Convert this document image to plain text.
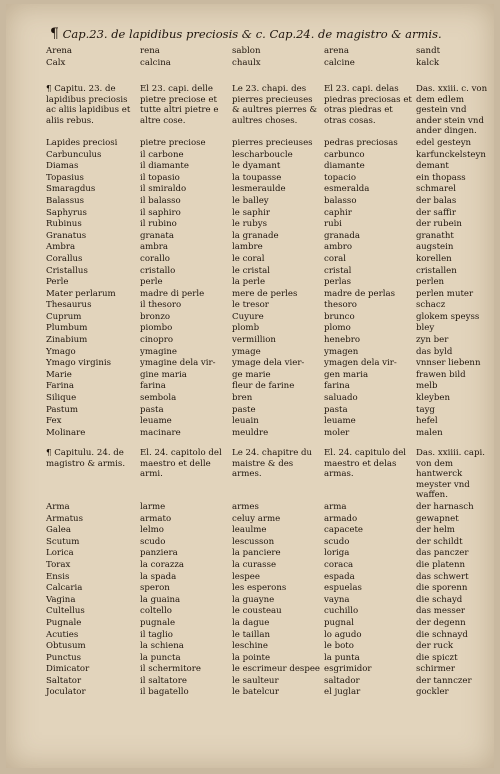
¶ Cap.23. de lapidibus preciosis & c. Cap.24. de magistro & armis.
Arena	rena	sablon	arena	sandt
Calx	calcina	chaulx	calcine	kalck
¶ Capitu. 23. de lapidibus preciosis ac aliis lapidibus et aliis rebus.	El 23. capi. delle pietre preciose et tutte altri pietre e altre cose.	Le 23. chapi. des pierres precieuses & aultres pierres & aultres choses.	El 23. capi. delas piedras preciosas et otras piedras et otras cosas.	Das. xxiii. c. von dem edlem gestein vnd ander stein vnd ander dingen.
Lapides preciosi	pietre preciose	pierres precieuses	pedras preciosas	edel gesteyn
Carbunculus	il carbone	lescharboucle	carbunco	karfunckelsteyn
Diamas	il diamante	le dyamant	diamante	demant
Topasius	il topasio	la toupasse	topacio	ein thopass
Smaragdus	il smiraldo	lesmeraulde	esmeralda	schmarel
Balassus	il balasso	le balley	balasso	der balas
Saphyrus	il saphiro	le saphir	caphir	der saffir
Rubinus	il rubino	le rubys	rubi	der rubein
Granatus	granata	la granade	granada	granatht
Ambra	ambra	lambre	ambro	augstein
Corallus	corallo	le coral	coral	korellen
Cristallus	cristallo	le cristal	cristal	cristallen
Perle	perle	la perle	perlas	perlen
Mater perlarum	madre di perle	mere de perles	madre de perlas	perlen muter
Thesaurus	il thesoro	le tresor	thesoro	schacz
Cuprum	bronzo	Cuyure	brunco	glokem speyss
Plumbum	piombo	plomb	plomo	bley
Zinabium	cinopro	vermillion	henebro	zyn ber
Ymago	ymagine	ymage	ymagen	das byld
Ymago virginis	ymagine dela vir-	ymage dela vier-	ymagen dela vir-	vnnser liebenn
Marie	gine maria	ge marie	gen maria	frawen bild
Farina	farina	fleur de farine	farina	melb
Silique	sembola	bren	saluado	kleyben
Pastum	pasta	paste	pasta	tayg
Fex	leuame	leuain	leuame	hefel
Molinare	macinare	meuldre	moler	malen
¶ Capitulu. 24. de magistro & armis.	El. 24. capitolo del maestro et delle armi.	Le 24. chapitre du maistre & des armes.	El. 24. capitulo del maestro et delas armas.	Das. xxiiii. capi. von dem hantwerck meyster vnd waffen.
Arma	larme	armes	arma	der harnasch
Armatus	armato	celuy arme	armado	gewapnet
Galea	lelmo	leaulme	capacete	der helm
Scutum	scudo	lescusson	scudo	der schildt
Lorica	panziera	la panciere	loriga	das panczer
Torax	la corazza	la curasse	coraca	die platenn
Ensis	la spada	lespee	espada	das schwert
Calcaria	speron	les esperons	espuelas	die sporenn
Vagina	la guaina	la guayne	vayna	die schayd
Cultellus	coltello	le cousteau	cuchillo	das messer
Pugnale	pugnale	la dague	pugnal	der degenn
Acuties	il taglio	le taillan	lo agudo	die schnayd
Obtusum	la schiena	leschine	le boto	der ruck
Punctus	la puncta	la pointe	la punta	die spiczt
Dimicator	il schermitore	le escrimeur despee	esgrimidor	schirmer
Saltator	il saltatore	le saulteur	saltador	der tannczer
Joculator	il bagatello	le batelcur	el juglar	gockler
